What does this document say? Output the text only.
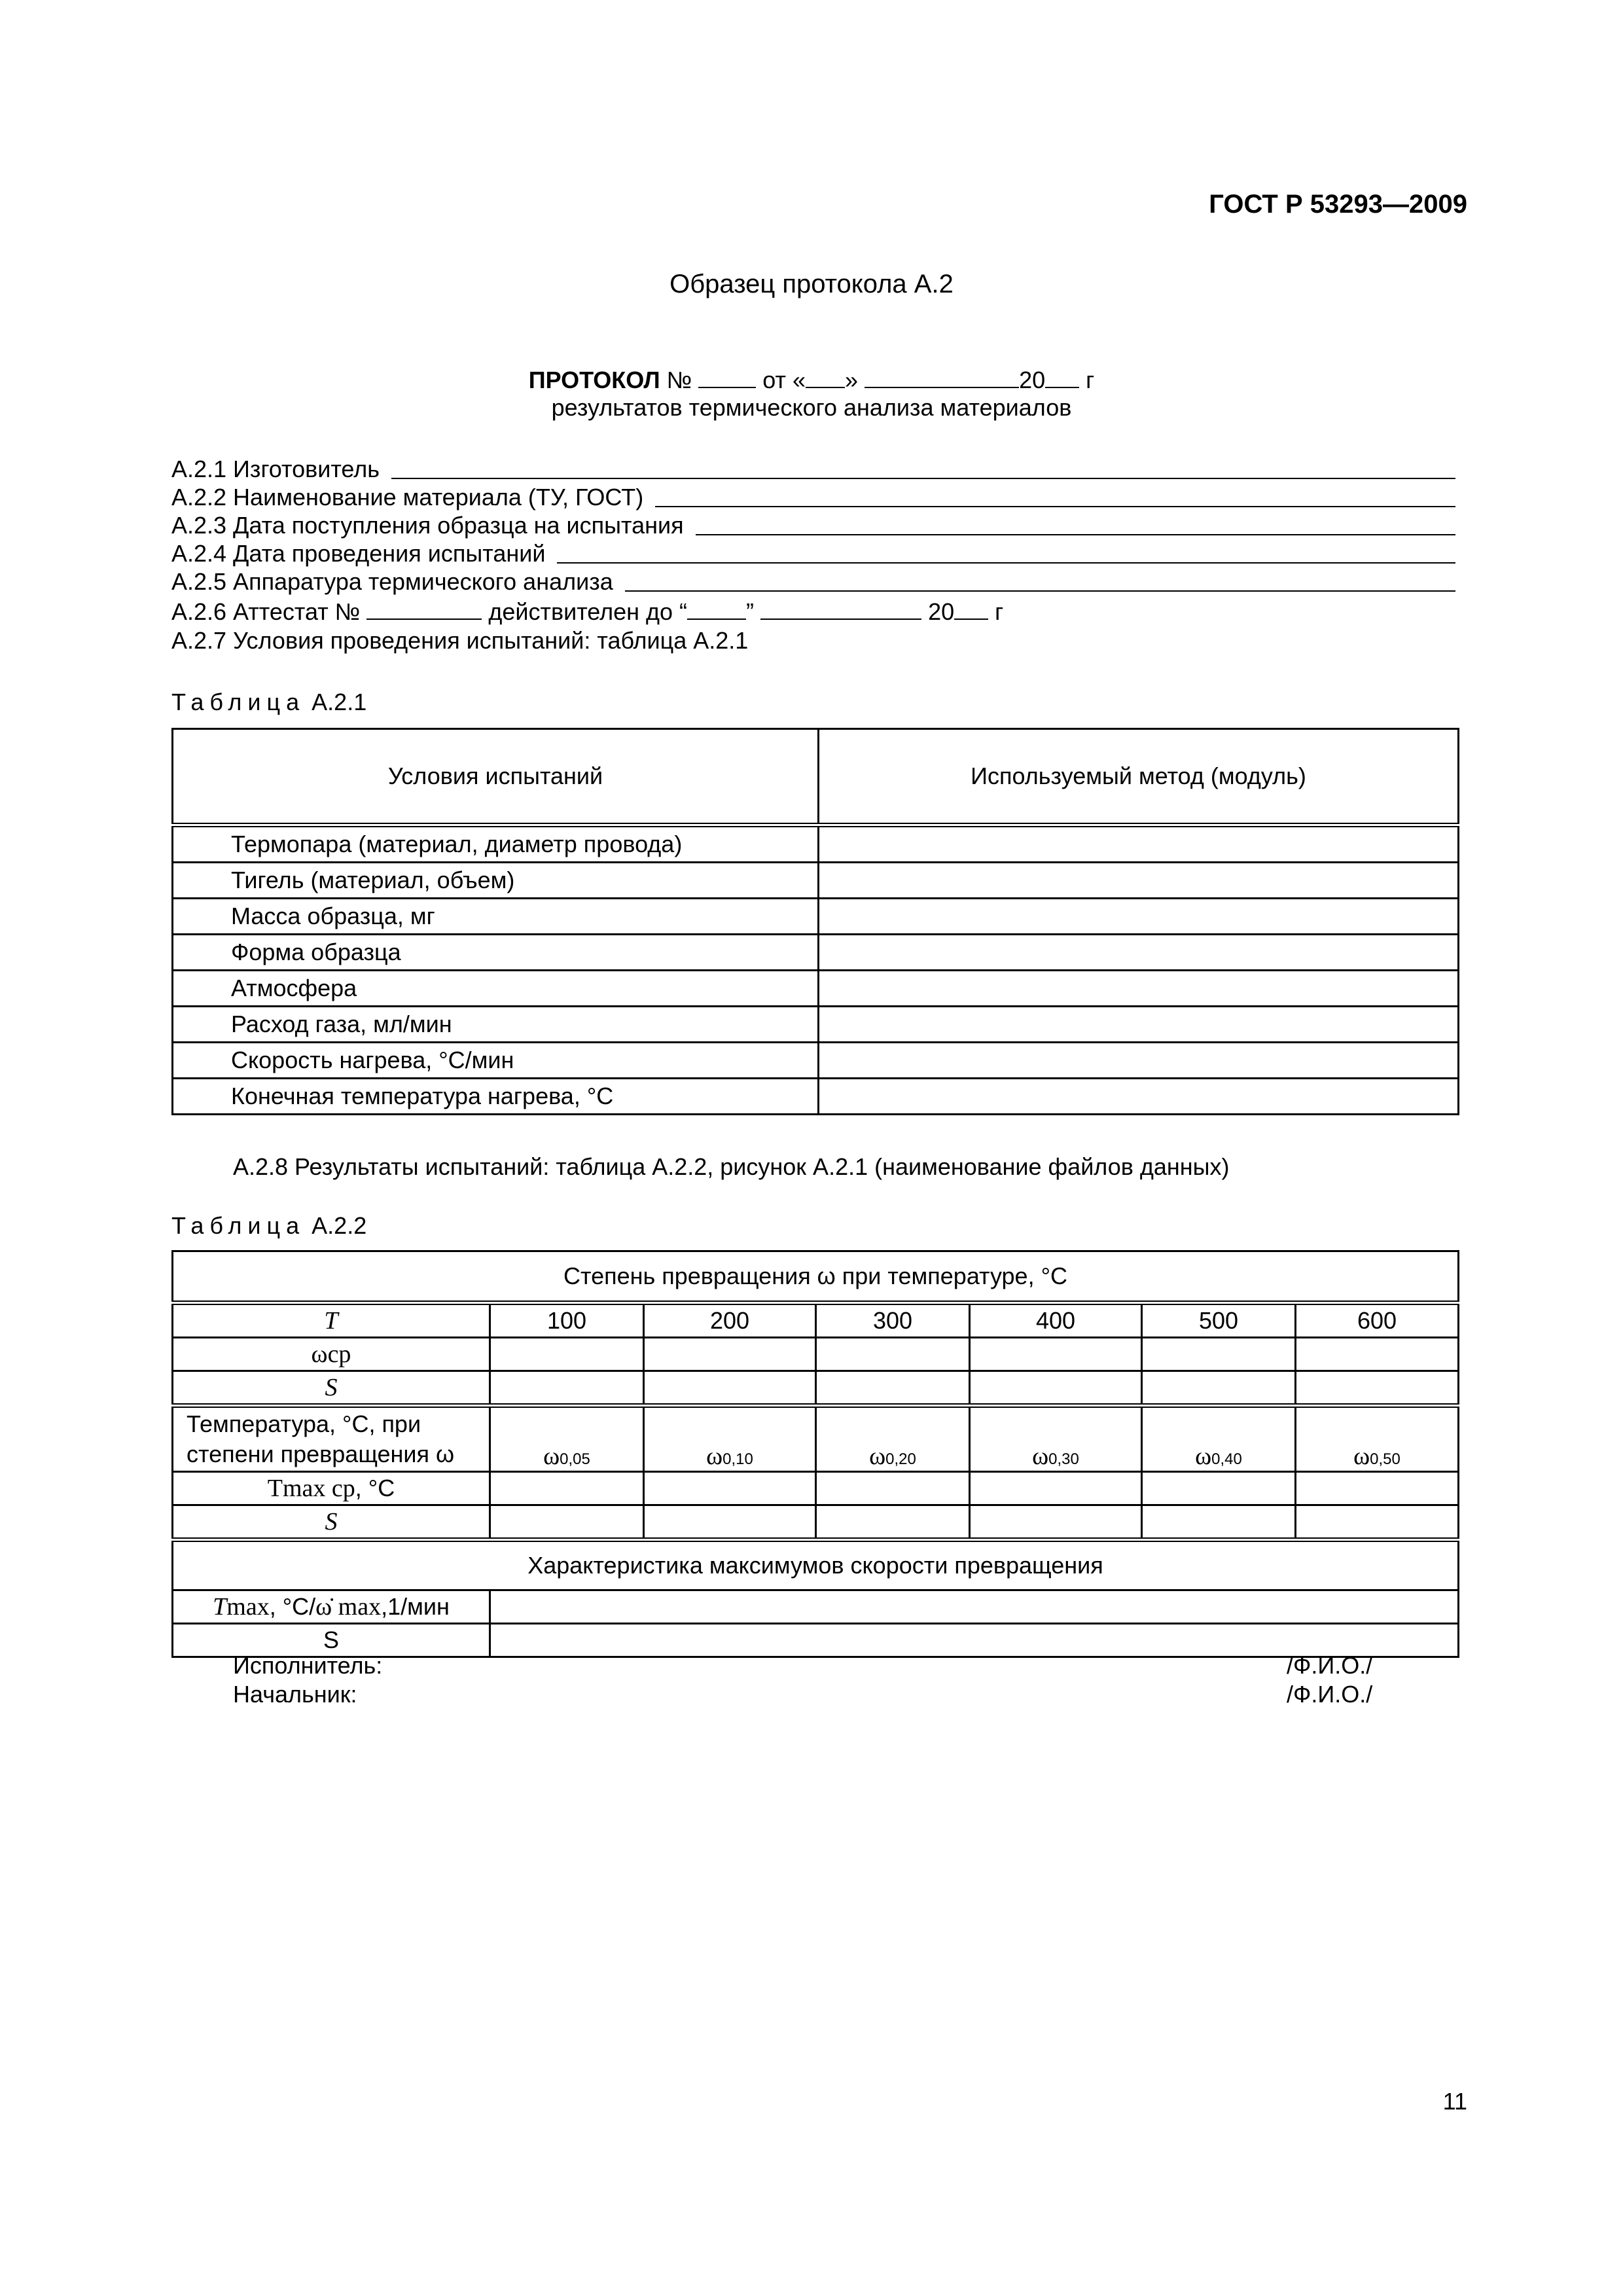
ГОСТ Р 53293—2009
Образец протокола А.2
ПРОТОКОЛ №	от « »	20 г
результатов термического анализа материалов
А.2.1 Изготовитель
А.2.2 Наименование материала (ТУ, ГОСТ)
А.2.3 Дата поступления образца на испытания
А.2.4 Дата проведения испытаний
А.2.5 Аппаратура термического анализа
А.2.6 Аттестат №	действителен до “	”	20 г
А.2.7 Условия проведения испытаний: таблица А.2.1
Таблица А.2.1
Условия испытаний	Используемый метод (модуль)
Термопара (материал, диаметр провода)	
Тигель (материал, объем)	
Масса образца, мг	
Форма образца	
Атмосфера	
Расход газа, мл/мин	
Скорость нагрева, °С/мин	
Конечная температура нагрева, °С	
А.2.8 Результаты испытаний: таблица А.2.2, рисунок А.2.1 (наименование файлов данных)
Таблица А.2.2
Степень превращения ω при температуре, °С						
T	100	200	300	400	500	600
ωср						
S						
Температура, °С, при
степени превращения ω	ω0,05	ω0,10	ω0,20	ω0,30	ω0,40	ω0,50
Tmax ср, °С						
S						
Характеристика максимумов скорости превращения						
Tmax, °С/ω̇ max,1/мин						
S						
Исполнитель:	/Ф.И.О./
Начальник:	/Ф.И.О./
11
